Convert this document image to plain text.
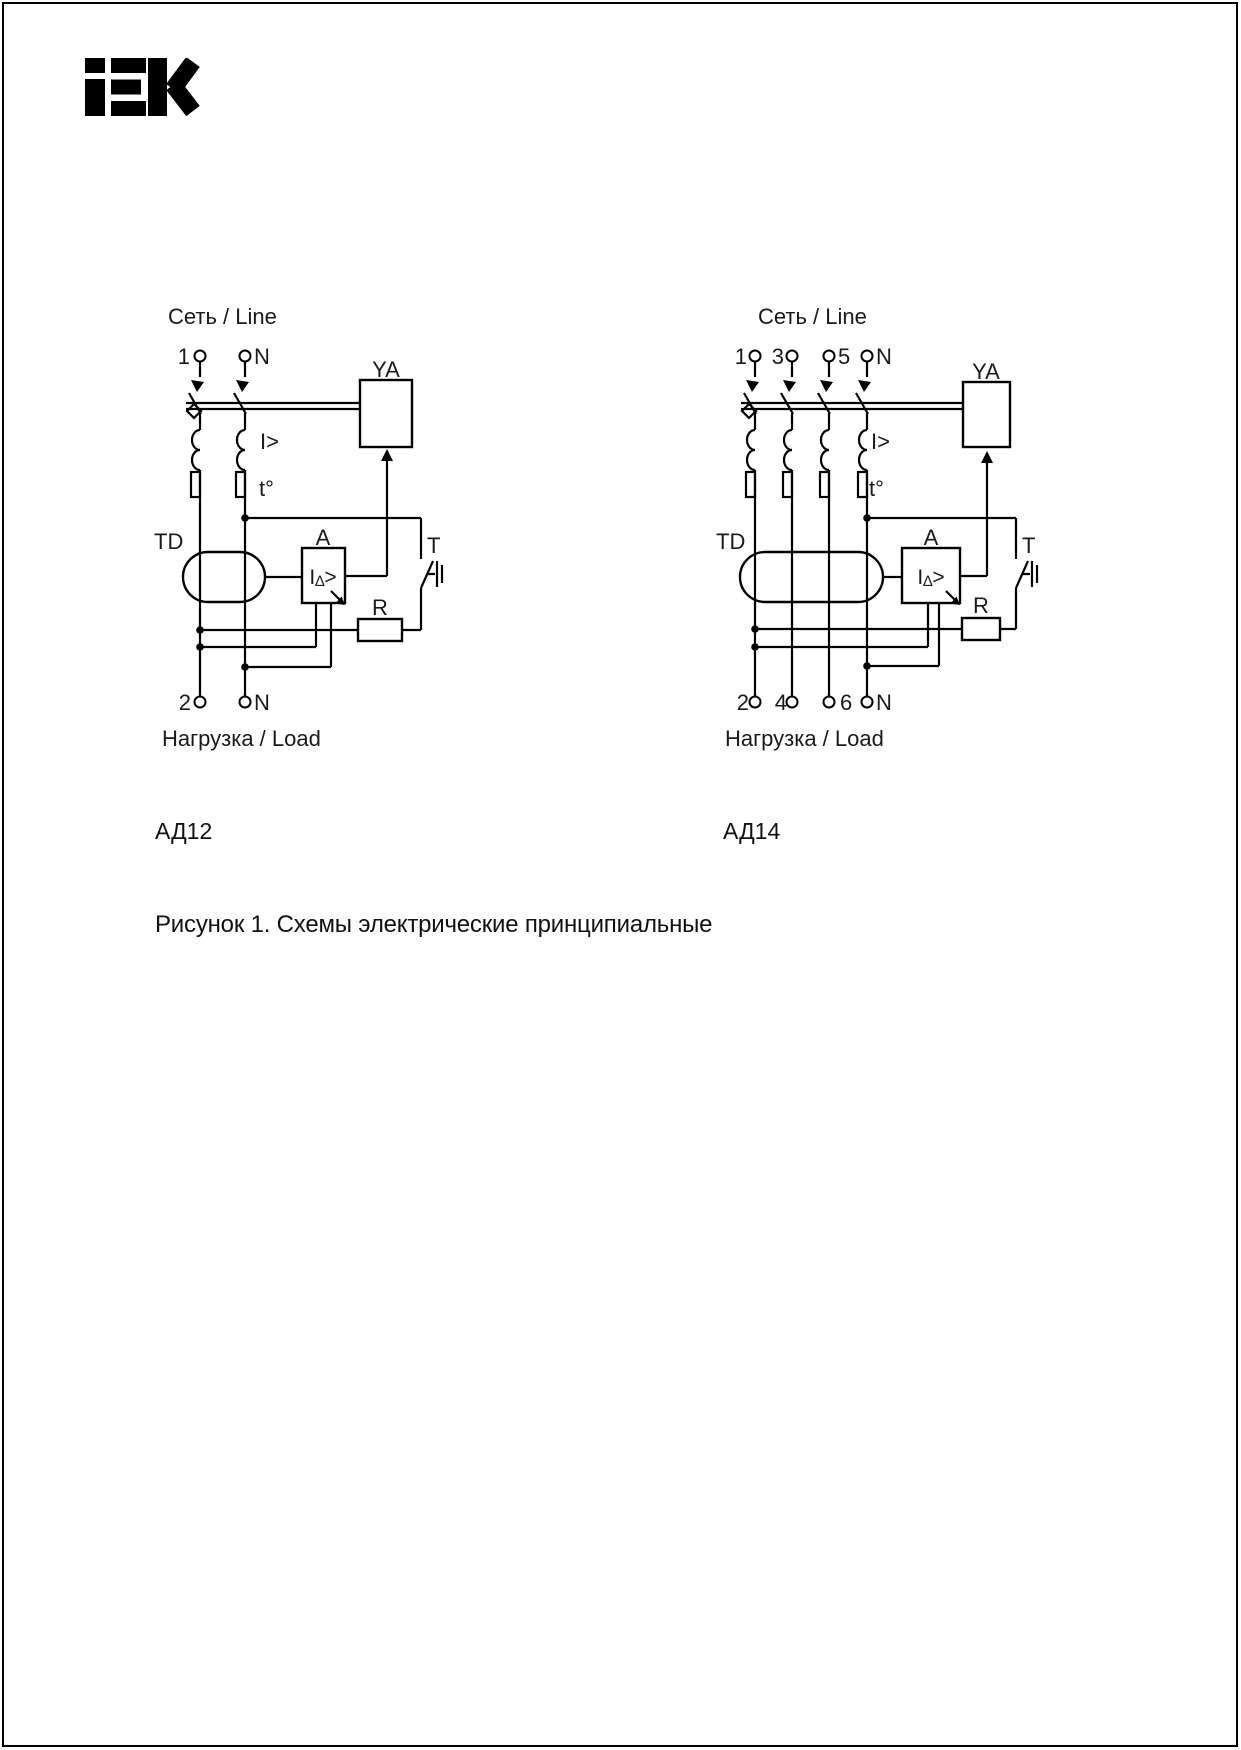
Сеть / Line
YA
I>
t°
T
TD	A
I∆>
R
1	N
2	N
Нагрузка / Load
Сеть / Line
YA
I>
t°
T
TD	A
I∆>
R
1 3 5 N
2 4 6 N
Нагрузка / Load
АД12	АД14
Рисунок 1. Схемы электрические принципиальные
